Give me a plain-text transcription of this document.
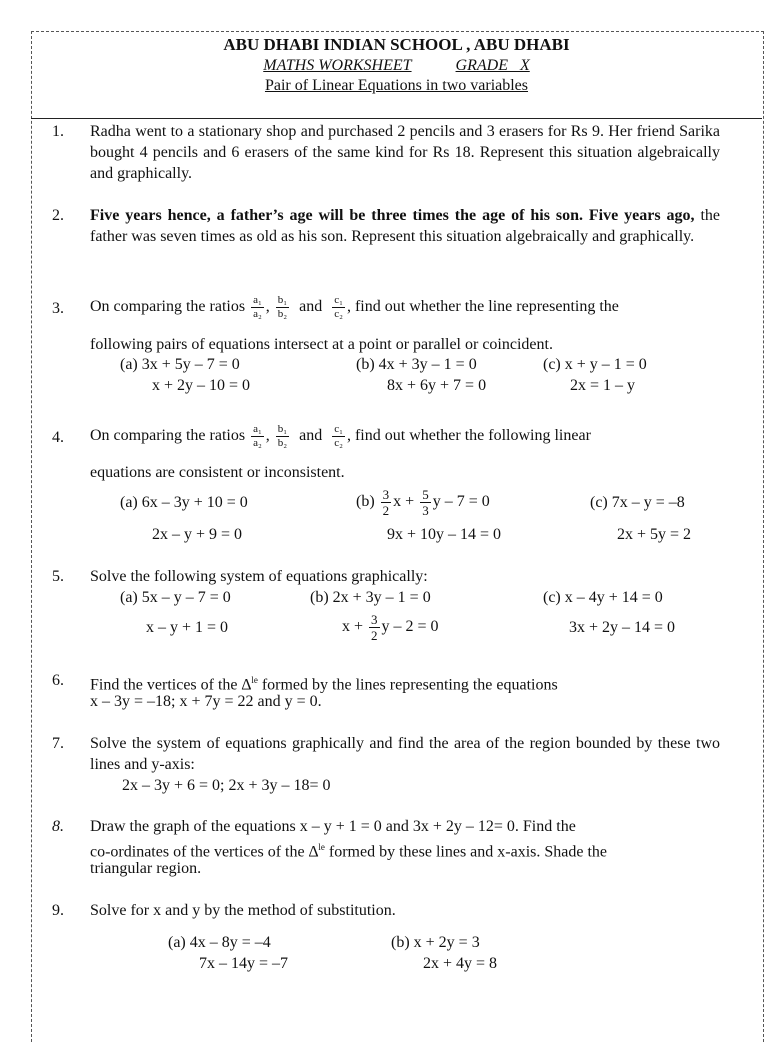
ABU DHABI INDIAN SCHOOL , ABU DHABI
MATHS WORKSHEET	GRADE   X
Pair of Linear Equations in two variables
1. Radha went to a stationary shop and purchased 2 pencils and 3 erasers for Rs 9. Her friend Sarika bought 4 pencils and 6 erasers of the same kind for Rs 18. Represent this situation algebraically and graphically.
2. Five years hence, a father’s age will be three times the age of his son. Five years ago, the father was seven times as old as his son. Represent this situation algebraically and graphically.
3. On comparing the ratios $\frac{\text{a₁}}{\text{a₂}}$ , $\frac{\text{b₁}}{\text{b₂}}$ and $\frac{\text{c₁}}{\text{c₂}}$ , find out whether the line representing the
following pairs of equations intersect at a point or parallel or coincident.
(a) 3x + 5y – 7 = 0
x + 2y – 10 = 0
(b) 4x + 3y – 1 = 0
8x + 6y + 7 = 0
(c) x + y – 1 = 0
2x = 1 – y
4. On comparing the ratios $\frac{\text{a₁}}{\text{a₂}}$ , $\frac{\text{b₁}}{\text{b₂}}$ and $\frac{\text{c₁}}{\text{c₂}}$ , find out whether the following linear
equations are consistent or inconsistent.
(a) 6x – 3y + 10 = 0
2x – y + 9 = 0
$(b) \frac{3}{2}$ $x + \frac{5}{3}$ y – 7 = 0
9x + 10y – 14 = 0
(c) 7x – y = –8
2x + 5y = 2
5. Solve the following system of equations graphically:
(a) 5x – y – 7 = 0
x – y + 1 = 0
(b) 2x + 3y – 1 = 0
$x + \frac{3}{2}$ y – 2 = 0
(c) x – 4y + 14 = 0
3x + 2y – 14 = 0
6. Find the vertices of the ∆$^{le}$ formed by the lines representing the equations
x – 3y = –18; x + 7y = 22 and y = 0.
7. Solve the system of equations graphically and find the area of the region bounded by these two lines and y-axis:
2x – 3y + 6 = 0; 2x + 3y – 18= 0
8. Draw the graph of the equations x – y + 1 = 0 and 3x + 2y – 12= 0. Find the
co-ordinates of the vertices of the ∆$^{le}$ formed by these lines and x-axis. Shade the
triangular region.
9. Solve for x and y by the method of substitution.
(a) 4x – 8y = –4
7x – 14y = –7
(b) x + 2y = 3
2x + 4y = 8
